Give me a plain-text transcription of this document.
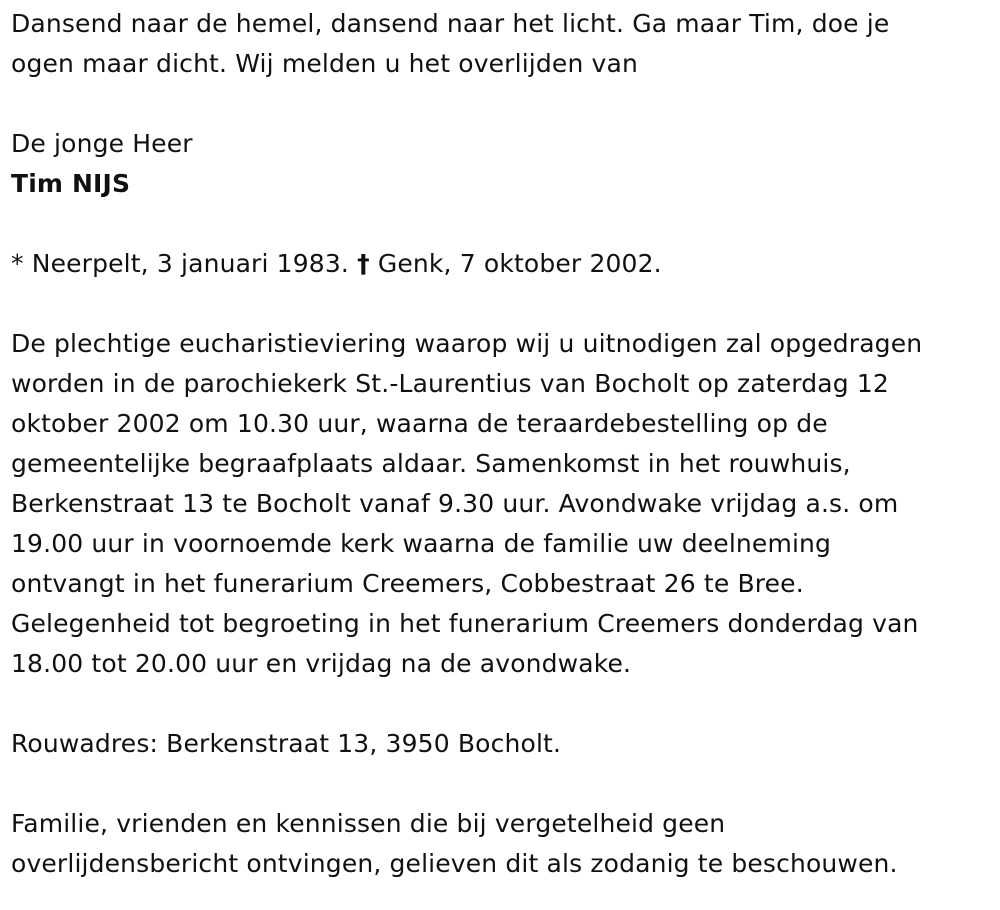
Dansend naar de hemel, dansend naar het licht. Ga maar Tim, doe je

ogen maar dicht. Wij melden u het overlijden van

De jonge Heer

Tim NIJS

* Neerpelt, 3 januari 1983. † Genk, 7 oktober 2002.

De plechtige eucharistieviering waarop wij u uitnodigen zal opgedragen

worden in de parochiekerk St.-Laurentius van Bocholt op zaterdag 12

oktober 2002 om 10.30 uur, waarna de teraardebestelling op de

gemeentelijke begraafplaats aldaar. Samenkomst in het rouwhuis,

Berkenstraat 13 te Bocholt vanaf 9.30 uur. Avondwake vrijdag a.s. om

19.00 uur in voornoemde kerk waarna de familie uw deelneming

ontvangt in het funerarium Creemers, Cobbestraat 26 te Bree.

Gelegenheid tot begroeting in het funerarium Creemers donderdag van

18.00 tot 20.00 uur en vrijdag na de avondwake.

Rouwadres: Berkenstraat 13, 3950 Bocholt.

Familie, vrienden en kennissen die bij vergetelheid geen

overlijdensbericht ontvingen, gelieven dit als zodanig te beschouwen.
